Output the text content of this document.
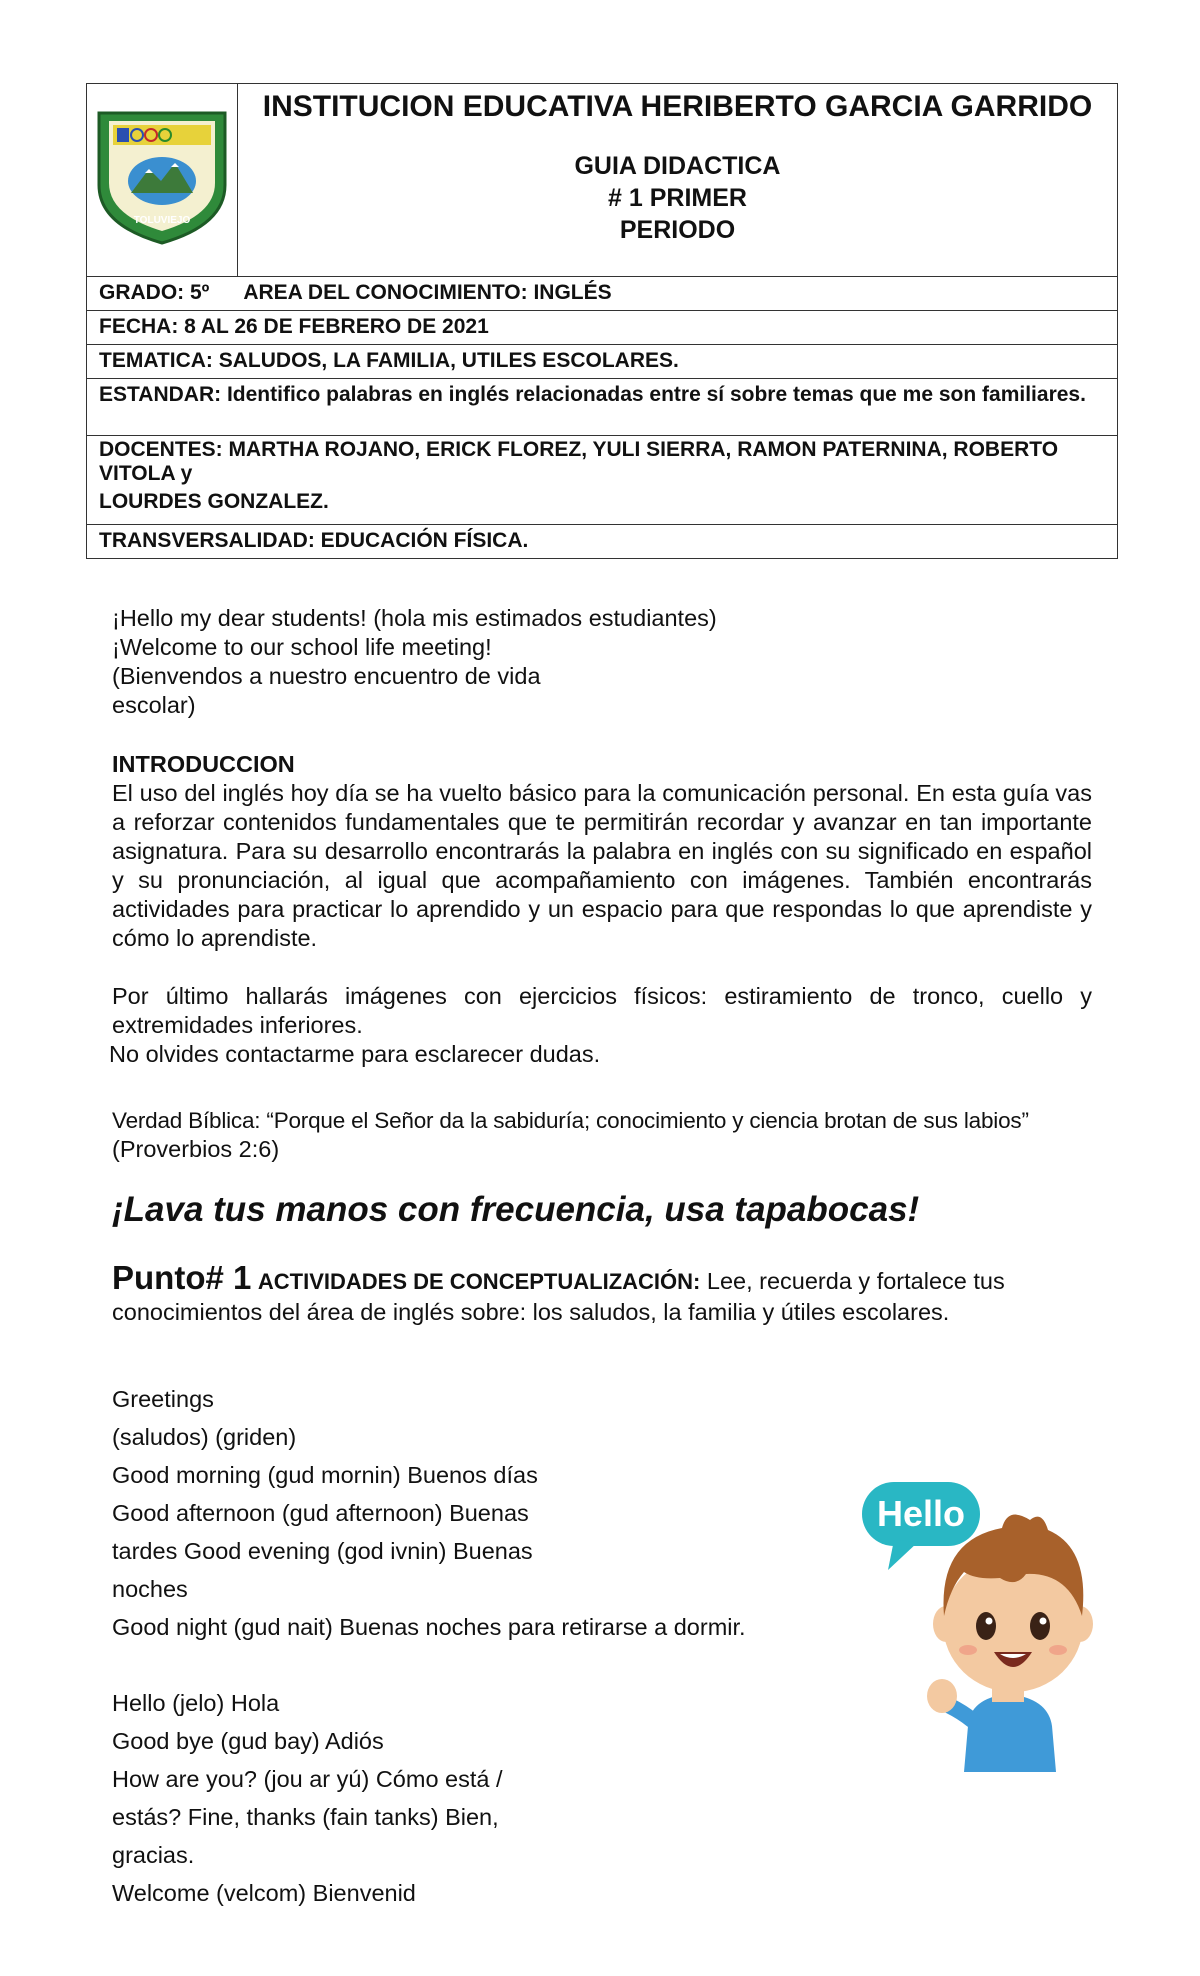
TOLUVIEJO

INSTITUCION EDUCATIVA HERIBERTO GARCIA GARRIDO
GUIA DIDACTICA
# 1 PRIMER
PERIODO

GRADO: 5º AREA DEL CONOCIMIENTO: INGLÉS
FECHA: 8 AL 26 DE FEBRERO DE 2021
TEMATICA: SALUDOS, LA FAMILIA, UTILES ESCOLARES.
ESTANDAR: Identifico palabras en inglés relacionadas entre sí sobre temas que me son familiares.

DOCENTES: MARTHA ROJANO, ERICK FLOREZ, YULI SIERRA, RAMON PATERNINA, ROBERTO VITOLA y
LOURDES GONZALEZ.

TRANSVERSALIDAD: EDUCACIÓN FÍSICA.
¡Hello my dear students! (hola mis estimados estudiantes)
¡Welcome to our school life meeting!
(Bienvendos a nuestro encuentro de vida
escolar)
INTRODUCCION
El uso del inglés hoy día se ha vuelto básico para la comunicación personal. En esta guía vas a reforzar contenidos fundamentales que te permitirán recordar y avanzar en tan importante asignatura. Para su desarrollo encontrarás la palabra en inglés con su significado en español y su pronunciación, al igual que acompañamiento con imágenes. También encontrarás actividades para practicar lo aprendido y un espacio para que respondas lo que aprendiste y cómo lo aprendiste.
Por último hallarás imágenes con ejercicios físicos: estiramiento de tronco, cuello y extremidades inferiores.
No olvides contactarme para esclarecer dudas.
Verdad Bíblica: “Porque el Señor da la sabiduría; conocimiento y ciencia brotan de sus labios”
(Proverbios 2:6)
¡Lava tus manos con frecuencia, usa tapabocas!
Punto# 1 ACTIVIDADES DE CONCEPTUALIZACIÓN: Lee, recuerda y fortalece tus conocimientos del área de inglés sobre: los saludos, la familia y útiles escolares.
Greetings
(saludos) (griden)
Good morning (gud mornin) Buenos días
Good afternoon (gud afternoon) Buenas
tardes Good evening (god ivnin) Buenas
noches
Good night (gud nait) Buenas noches para retirarse a dormir.
Hello (jelo) Hola
Good bye (gud bay) Adiós
How are you? (jou ar yú) Cómo está /
estás? Fine, thanks (fain tanks) Bien,
gracias.
Welcome (velcom) Bienvenid
Hello
